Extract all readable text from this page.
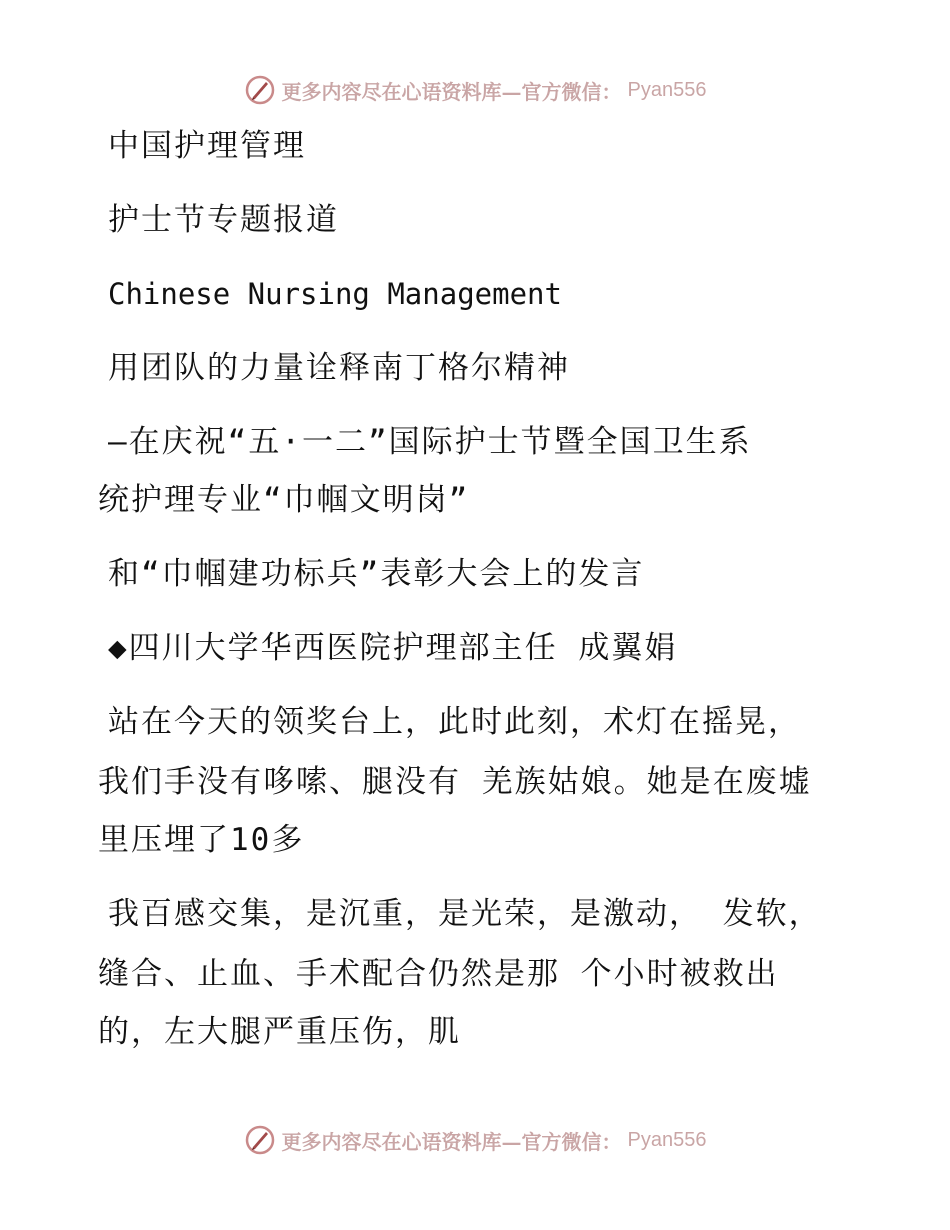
更多内容尽在心语资料库—官方微信： Pyan556
中国护理管理
护士节专题报道
Chinese Nursing Management
用团队的力量诠释南丁格尔精神
—在庆祝“五·一二”国际护士节暨全国卫生系
统护理专业“巾帼文明岗”
和“巾帼建功标兵”表彰大会上的发言
◆四川大学华西医院护理部主任 成翼娟
站在今天的领奖台上，此时此刻，术灯在摇晃，
我们手没有哆嗦、腿没有 羌族姑娘。她是在废墟
里压埋了10多
我百感交集，是沉重，是光荣，是激动， 发软，
缝合、止血、手术配合仍然是那 个小时被救出
的，左大腿严重压伤，肌
更多内容尽在心语资料库—官方微信： Pyan556
